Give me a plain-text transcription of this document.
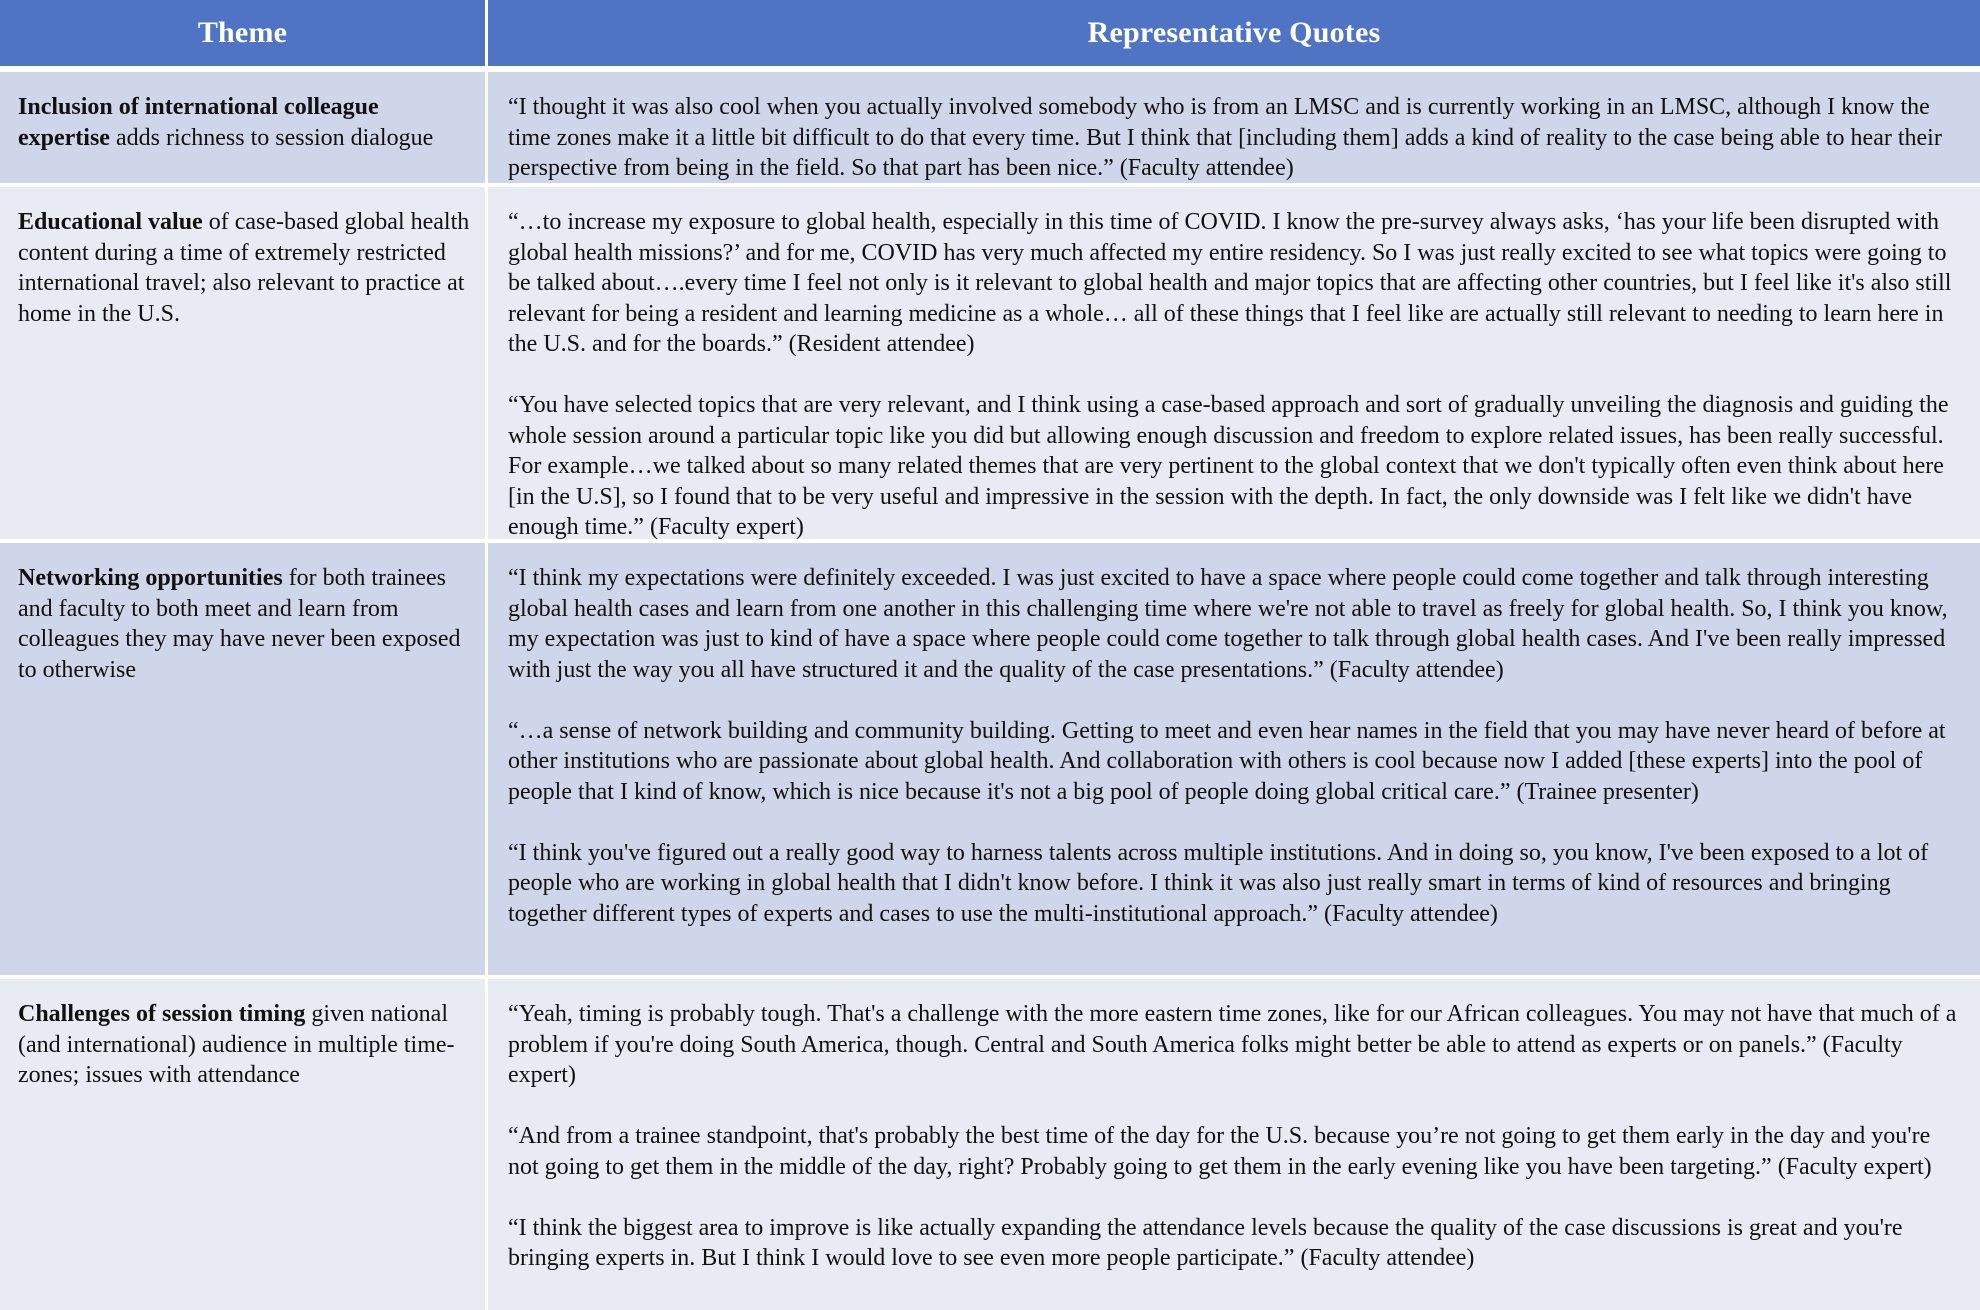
Theme	Representative Quotes
Inclusion of international colleague expertise adds richness to session dialogue
“I thought it was also cool when you actually involved somebody who is from an LMSC and is currently working in an LMSC, although I know the time zones make it a little bit difficult to do that every time. But I think that [including them] adds a kind of reality to the case being able to hear their perspective from being in the field. So that part has been nice.” (Faculty attendee)
Educational value of case-based global health content during a time of extremely restricted international travel; also relevant to practice at home in the U.S.
“…to increase my exposure to global health, especially in this time of COVID. I know the pre-survey always asks, ‘has your life been disrupted with global health missions?’ and for me, COVID has very much affected my entire residency. So I was just really excited to see what topics were going to be talked about….every time I feel not only is it relevant to global health and major topics that are affecting other countries, but I feel like it's also still relevant for being a resident and learning medicine as a whole… all of these things that I feel like are actually still relevant to needing to learn here in the U.S. and for the boards.” (Resident attendee)
“You have selected topics that are very relevant, and I think using a case-based approach and sort of gradually unveiling the diagnosis and guiding the whole session around a particular topic like you did but allowing enough discussion and freedom to explore related issues, has been really successful. For example…we talked about so many related themes that are very pertinent to the global context that we don't typically often even think about here [in the U.S], so I found that to be very useful and impressive in the session with the depth. In fact, the only downside was I felt like we didn't have enough time.” (Faculty expert)
Networking opportunities for both trainees and faculty to both meet and learn from colleagues they may have never been exposed to otherwise
“I think my expectations were definitely exceeded. I was just excited to have a space where people could come together and talk through interesting global health cases and learn from one another in this challenging time where we're not able to travel as freely for global health. So, I think you know, my expectation was just to kind of have a space where people could come together to talk through global health cases. And I've been really impressed with just the way you all have structured it and the quality of the case presentations.” (Faculty attendee)
“…a sense of network building and community building. Getting to meet and even hear names in the field that you may have never heard of before at other institutions who are passionate about global health. And collaboration with others is cool because now I added [these experts] into the pool of people that I kind of know, which is nice because it's not a big pool of people doing global critical care.” (Trainee presenter)
“I think you've figured out a really good way to harness talents across multiple institutions. And in doing so, you know, I've been exposed to a lot of people who are working in global health that I didn't know before. I think it was also just really smart in terms of kind of resources and bringing together different types of experts and cases to use the multi-institutional approach.” (Faculty attendee)
Challenges of session timing given national (and international) audience in multiple time-zones; issues with attendance
“Yeah, timing is probably tough. That's a challenge with the more eastern time zones, like for our African colleagues. You may not have that much of a problem if you're doing South America, though. Central and South America folks might better be able to attend as experts or on panels.” (Faculty expert)
“And from a trainee standpoint, that's probably the best time of the day for the U.S. because you’re not going to get them early in the day and you're not going to get them in the middle of the day, right? Probably going to get them in the early evening like you have been targeting.” (Faculty expert)
“I think the biggest area to improve is like actually expanding the attendance levels because the quality of the case discussions is great and you're bringing experts in. But I think I would love to see even more people participate.” (Faculty attendee)
